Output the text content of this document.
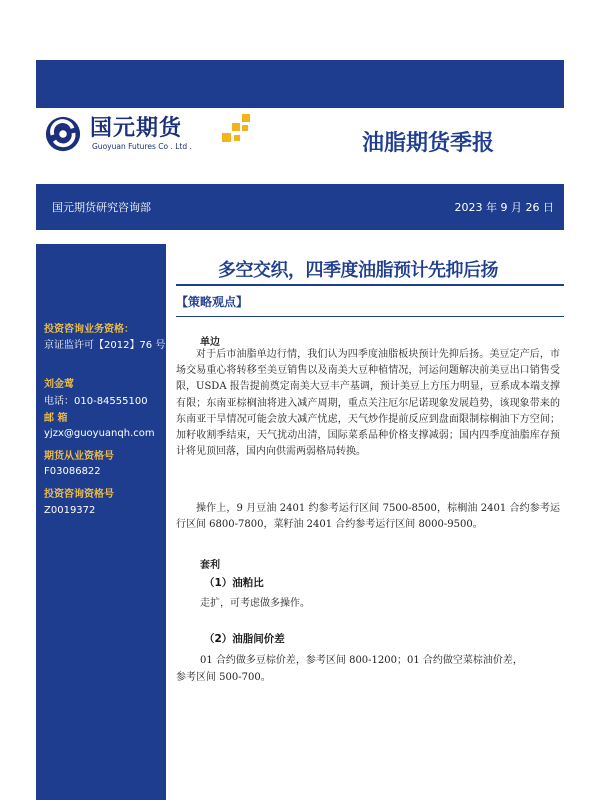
国元期货
Guoyuan Futures Co . Ltd .	油脂期货季报
国元期货研究咨询部	2023 年 9 月 26 日
投资咨询业务资格：
京证监许可【2012】76 号
刘金莺
电话：010-84555100
邮 箱
yjzx@guoyuanqh.com
期货从业资格号
F03086822
投资咨询资格号
Z0019372
多空交织，四季度油脂预计先抑后扬
【策略观点】
单边

对于后市油脂单边行情，我们认为四季度油脂板块预计先抑后扬。美豆定产后，市场交易重心将转移至美豆销售以及南美大豆种植情况，河运问题解决前美豆出口销售受限，USDA 报告提前奠定南美大豆丰产基调，预计美豆上方压力明显，豆系成本端支撑有限；东南亚棕榈油将进入减产周期，重点关注厄尔尼诺现象发展趋势，该现象带来的东南亚干旱情况可能会放大减产忧虑，天气炒作提前反应到盘面限制棕榈油下方空间；加籽收割季结束，天气扰动出清，国际菜系品种价格支撑减弱；国内四季度油脂库存预计将见顶回落，国内向供需两弱格局转换。

操作上，9 月豆油 2401 约参考运行区间 7500-8500，棕榈油 2401 合约参考运行区间 6800-7800，菜籽油 2401 合约参考运行区间 8000-9500。

套利
（1）油粕比
走扩，可考虑做多操作。
（2）油脂间价差
01 合约做多豆棕价差，参考区间 800-1200；01 合约做空菜棕油价差，
参考区间 500-700。
